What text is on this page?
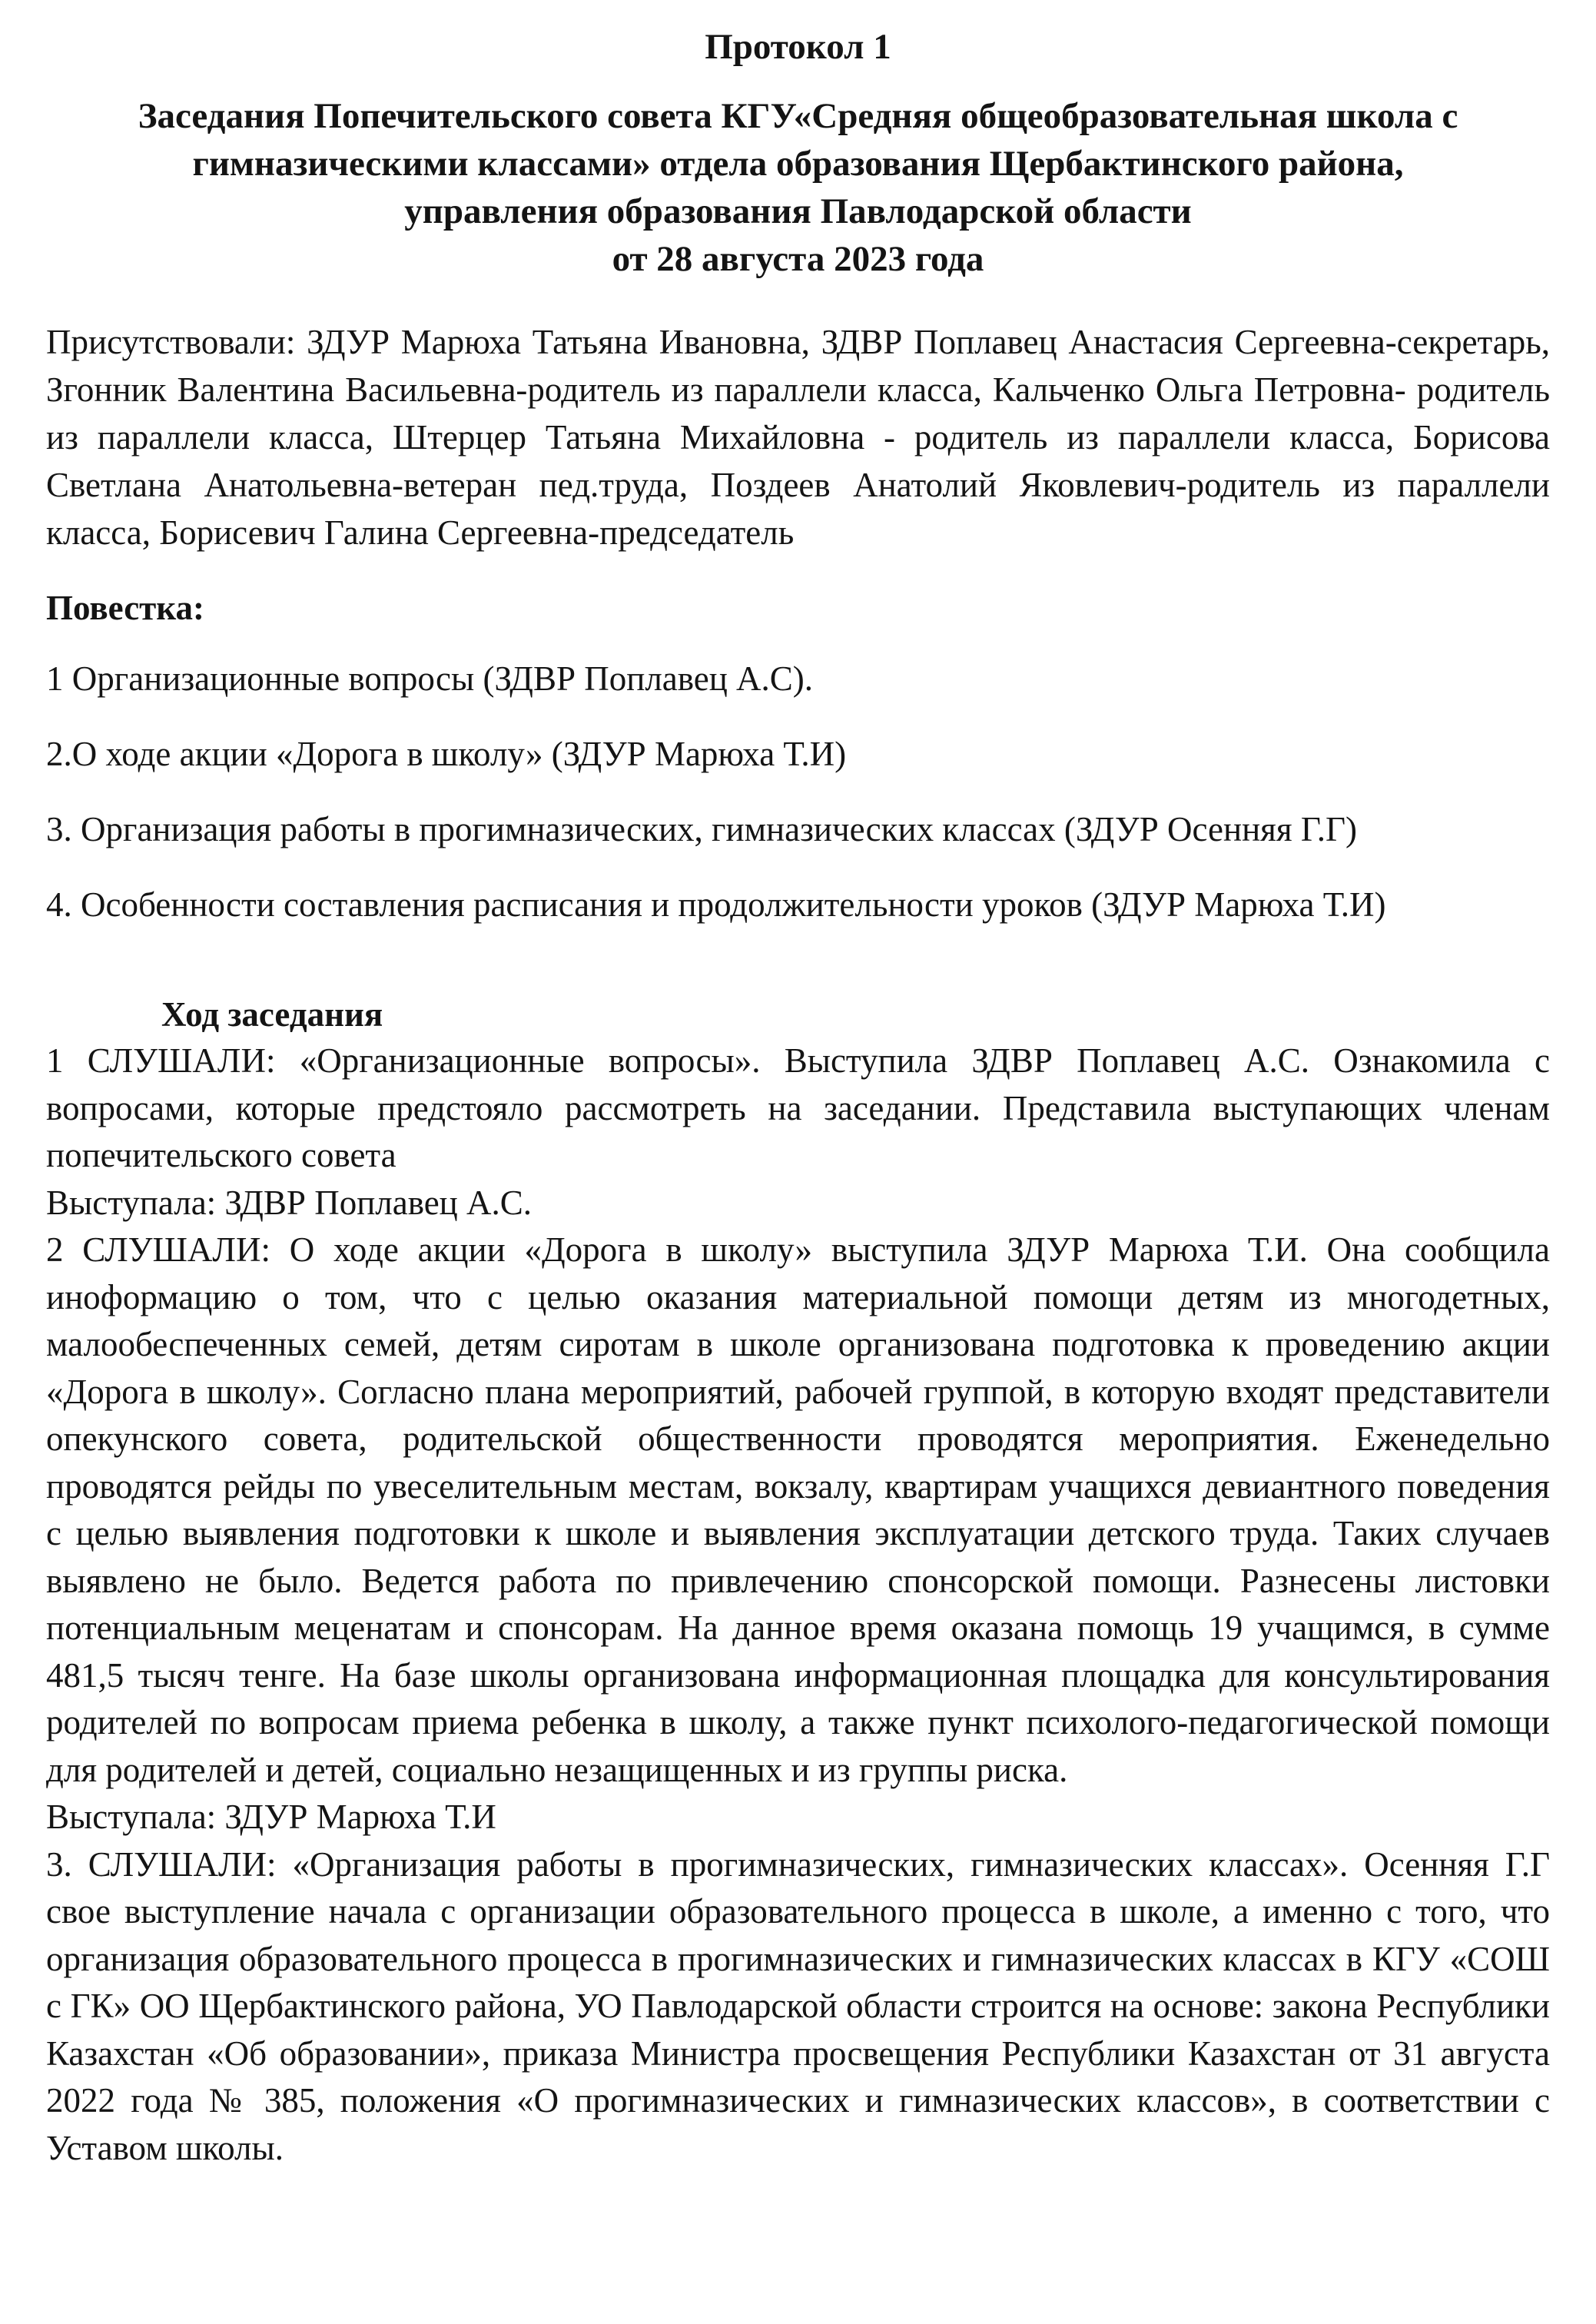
Протокол 1

Заседания Попечительского совета КГУ«Средняя общеобразовательная школа с
гимназическими классами» отдела образования Щербактинского района,
управления образования Павлодарской области
от 28 августа 2023 года

Присутствовали: ЗДУР Марюха Татьяна Ивановна, ЗДВР Поплавец Анастасия Сергеевна-секретарь, Згонник Валентина Васильевна-родитель из параллели класса, Кальченко Ольга Петровна- родитель из параллели класса, Штерцер Татьяна Михайловна - родитель из параллели класса, Борисова Светлана Анатольевна-ветеран пед.труда, Поздеев Анатолий Яковлевич-родитель из параллели класса, Борисевич Галина Сергеевна-председатель

Повестка:

1 Организационные вопросы (ЗДВР Поплавец А.С).

2.О ходе акции «Дорога в школу» (ЗДУР Марюха Т.И)

3. Организация работы в прогимназических, гимназических классах (ЗДУР Осенняя Г.Г)

4. Особенности составления расписания и продолжительности уроков (ЗДУР Марюха Т.И)

Ход заседания

1 СЛУШАЛИ: «Организационные вопросы». Выступила ЗДВР Поплавец А.С. Ознакомила с вопросами, которые предстояло рассмотреть на заседании. Представила выступающих членам попечительского совета

Выступала: ЗДВР Поплавец А.С.

2 СЛУШАЛИ: О ходе акции «Дорога в школу» выступила ЗДУР Марюха Т.И. Она сообщила иноформацию о том, что с целью оказания материальной помощи детям из многодетных, малообеспеченных семей, детям сиротам в школе организована подготовка к проведению акции «Дорога в школу». Согласно плана мероприятий, рабочей группой, в которую входят представители опекунского совета, родительской общественности проводятся мероприятия. Еженедельно проводятся рейды по увеселительным местам, вокзалу, квартирам учащихся девиантного поведения с целью выявления подготовки к школе и выявления эксплуатации детского труда. Таких случаев выявлено не было. Ведется работа по привлечению спонсорской помощи. Разнесены листовки потенциальным меценатам и спонсорам. На данное время оказана помощь 19 учащимся, в сумме 481,5 тысяч тенге. На базе школы организована информационная площадка для консультирования родителей по вопросам приема ребенка в школу, а также пункт психолого-педагогической помощи для родителей и детей, социально незащищенных и из группы риска.

Выступала: ЗДУР Марюха Т.И

3. СЛУШАЛИ: «Организация работы в прогимназических, гимназических классах». Осенняя Г.Г свое выступление начала с организации образовательного процесса в школе, а именно с того, что организация образовательного процесса в прогимназических и гимназических классах в КГУ «СОШ с ГК» ОО Щербактинского района, УО Павлодарской области строится на основе: закона Республики Казахстан «Об образовании», приказа Министра просвещения Республики Казахстан от 31 августа 2022 года № 385, положения «О прогимназических и гимназических классов», в соответствии с Уставом школы.
